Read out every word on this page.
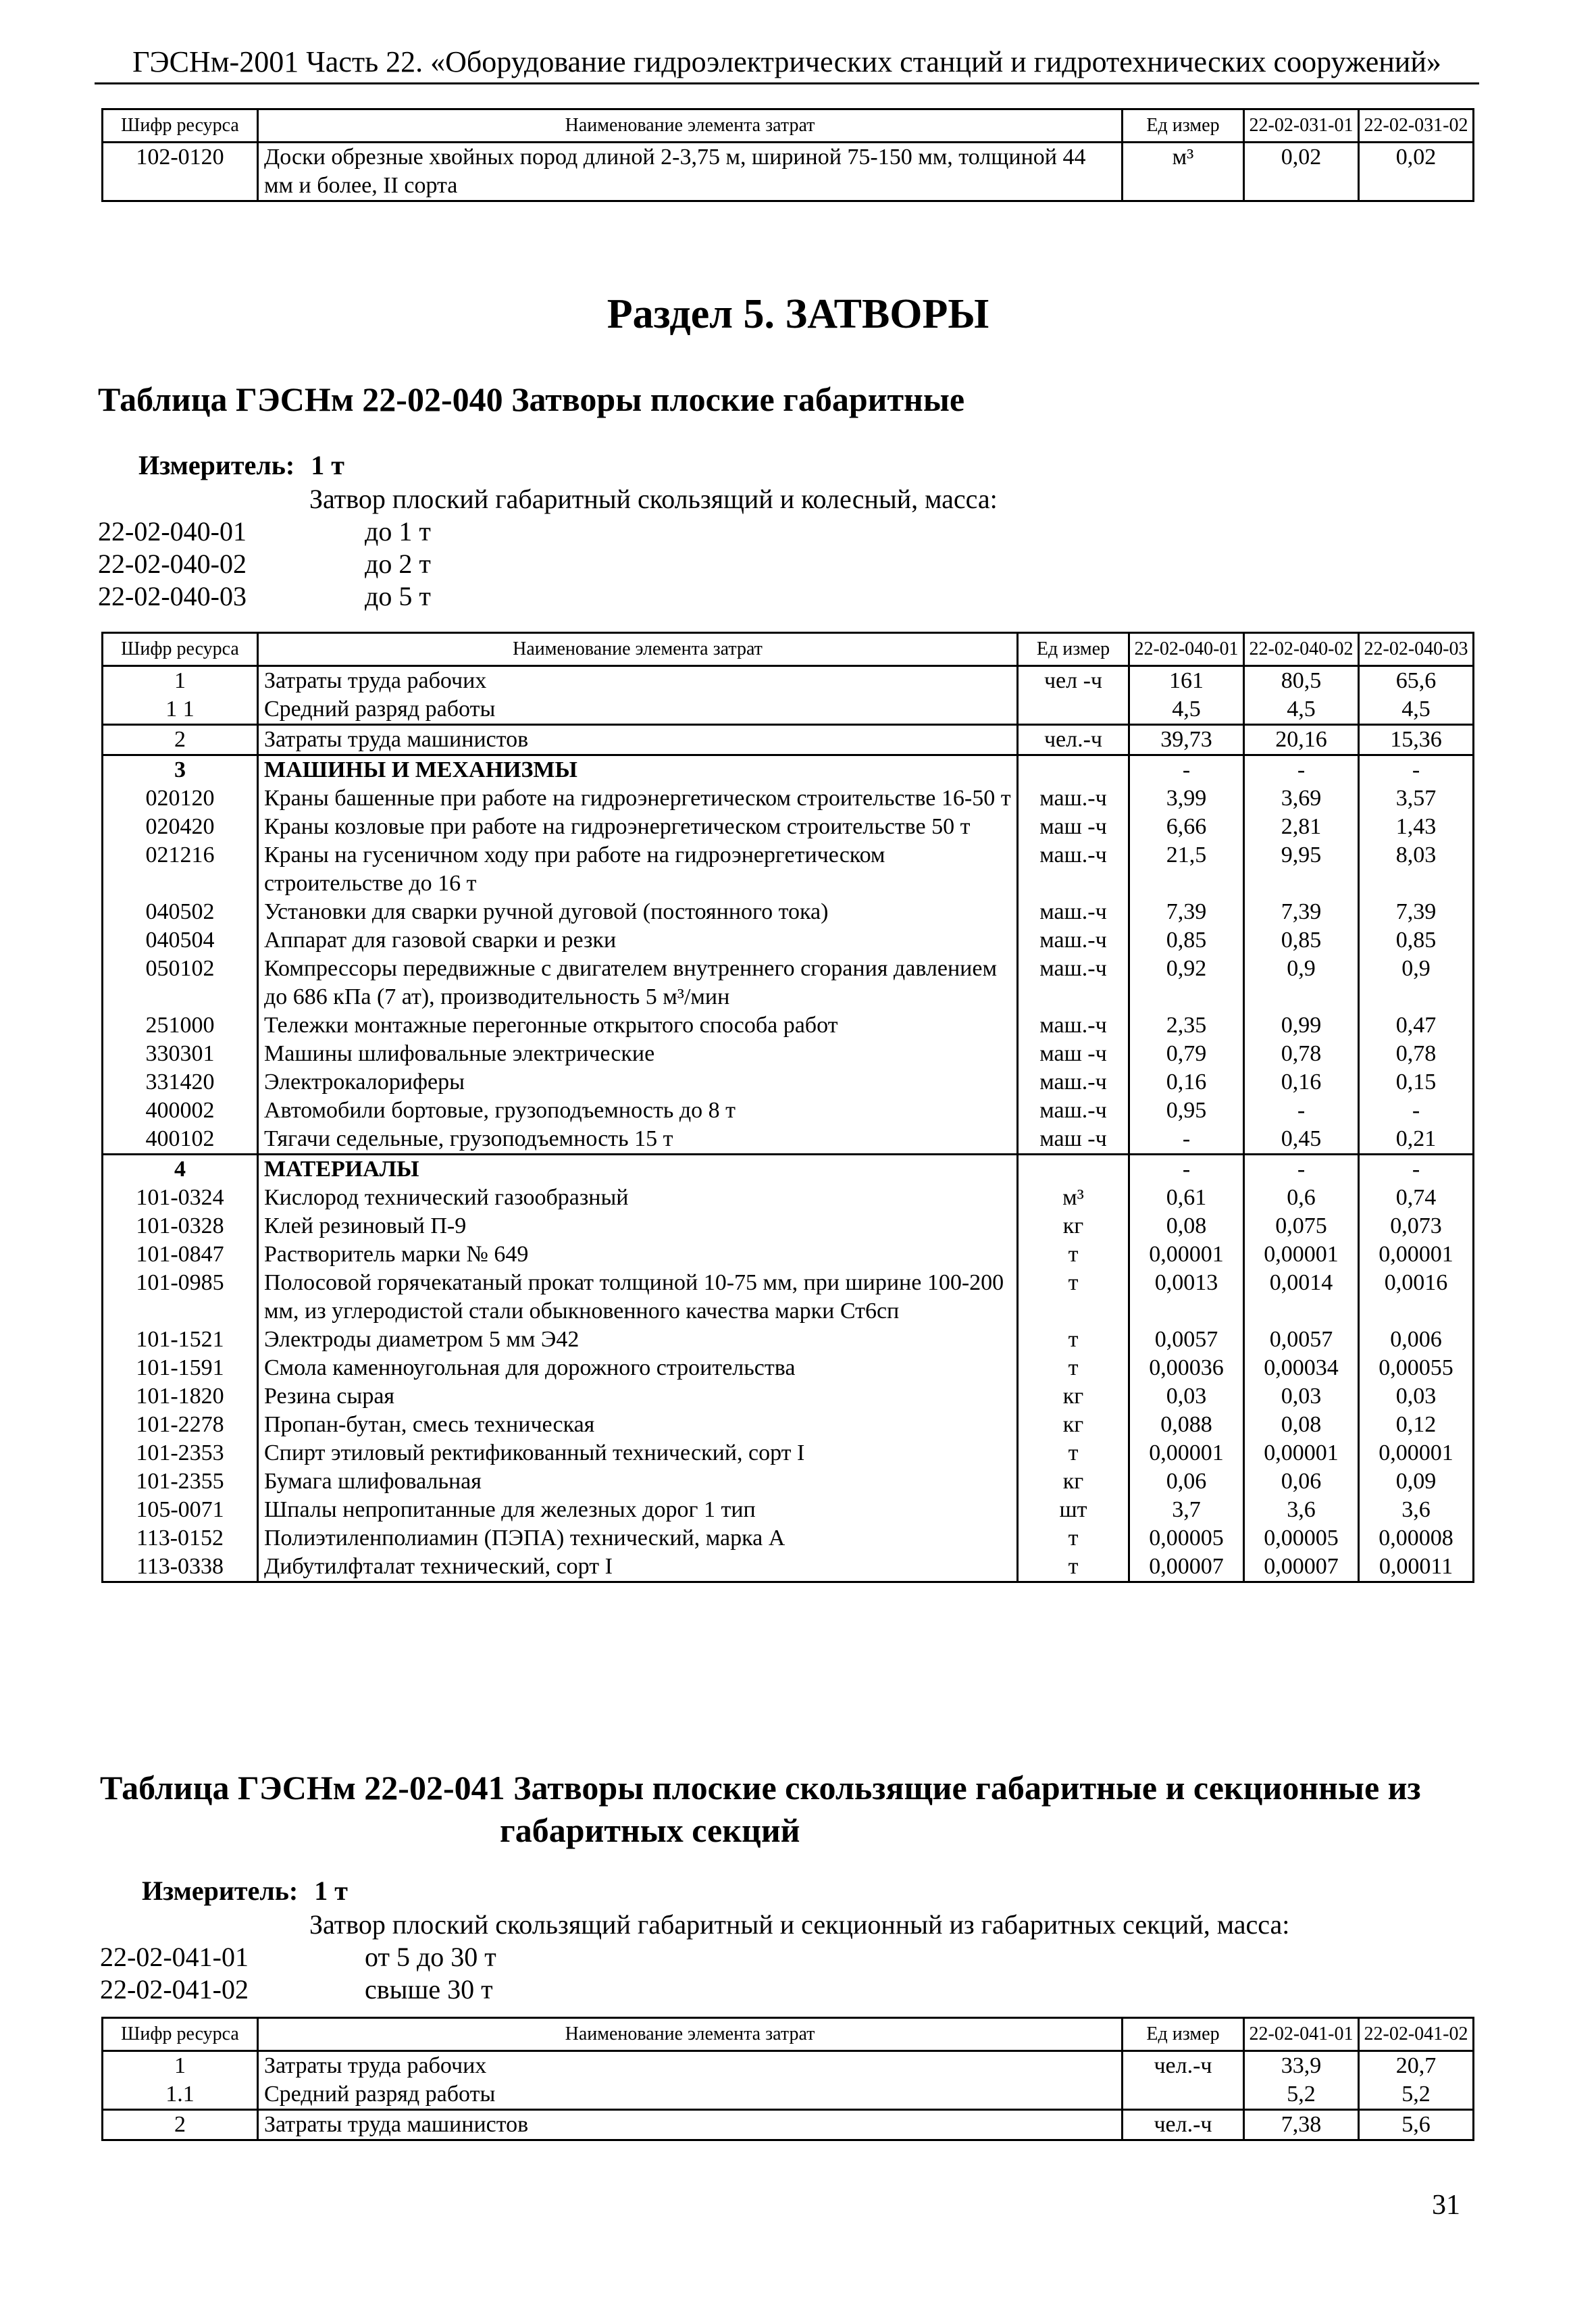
ГЭСНм-2001 Часть 22. «Оборудование гидроэлектрических станций и гидротехнических сооружений»
Шифр ресурса	Наименование элемента затрат	Ед измер	22-02-031-01	22-02-031-02
102-0120	Доски обрезные хвойных пород длиной 2-3,75 м, шириной 75-150 мм, толщиной 44 мм и более, II сорта	м³	0,02	0,02
Раздел 5. ЗАТВОРЫ
Таблица ГЭСНм 22-02-040 Затворы плоские габаритные
Измеритель: 1 т
Затвор плоский габаритный скользящий и колесный, масса:
22-02-040-01	до 1 т
22-02-040-02	до 2 т
22-02-040-03	до 5 т
Шифр ресурса	Наименование элемента затрат	Ед измер	22-02-040-01	22-02-040-02	22-02-040-03
1	Затраты труда рабочих	чел -ч	161	80,5	65,6
1 1	Средний разряд работы		4,5	4,5	4,5
2	Затраты труда машинистов	чел.-ч	39,73	20,16	15,36
3	МАШИНЫ И МЕХАНИЗМЫ		-	-	-
020120	Краны башенные при работе на гидроэнергетическом строительстве 16-50 т	маш.-ч	3,99	3,69	3,57
020420	Краны козловые при работе на гидроэнергетическом строительстве 50 т	маш -ч	6,66	2,81	1,43
021216	Краны на гусеничном ходу при работе на гидроэнергетическом строительстве до 16 т	маш.-ч	21,5	9,95	8,03
040502	Установки для сварки ручной дуговой (постоянного тока)	маш.-ч	7,39	7,39	7,39
040504	Аппарат для газовой сварки и резки	маш.-ч	0,85	0,85	0,85
050102	Компрессоры передвижные с двигателем внутреннего сгорания давлением до 686 кПа (7 ат), производительность 5 м³/мин	маш.-ч	0,92	0,9	0,9
251000	Тележки монтажные перегонные открытого способа работ	маш.-ч	2,35	0,99	0,47
330301	Машины шлифовальные электрические	маш -ч	0,79	0,78	0,78
331420	Электрокалориферы	маш.-ч	0,16	0,16	0,15
400002	Автомобили бортовые, грузоподъемность до 8 т	маш.-ч	0,95	-	-
400102	Тягачи седельные, грузоподъемность 15 т	маш -ч	-	0,45	0,21
4	МАТЕРИАЛЫ		-	-	-
101-0324	Кислород технический газообразный	м³	0,61	0,6	0,74
101-0328	Клей резиновый П-9	кг	0,08	0,075	0,073
101-0847	Растворитель марки № 649	т	0,00001	0,00001	0,00001
101-0985	Полосовой горячекатаный прокат толщиной 10-75 мм, при ширине 100-200 мм, из углеродистой стали обыкновенного качества марки Ст6сп	т	0,0013	0,0014	0,0016
101-1521	Электроды диаметром 5 мм Э42	т	0,0057	0,0057	0,006
101-1591	Смола каменноугольная для дорожного строительства	т	0,00036	0,00034	0,00055
101-1820	Резина сырая	кг	0,03	0,03	0,03
101-2278	Пропан-бутан, смесь техническая	кг	0,088	0,08	0,12
101-2353	Спирт этиловый ректификованный технический, сорт I	т	0,00001	0,00001	0,00001
101-2355	Бумага шлифовальная	кг	0,06	0,06	0,09
105-0071	Шпалы непропитанные для железных дорог 1 тип	шт	3,7	3,6	3,6
113-0152	Полиэтиленполиамин (ПЭПА) технический, марка А	т	0,00005	0,00005	0,00008
113-0338	Дибутилфталат технический, сорт I	т	0,00007	0,00007	0,00011
Таблица ГЭСНм 22-02-041 Затворы плоские скользящие габаритные и секционные из
габаритных секций
Измеритель: 1 т
Затвор плоский скользящий габаритный и секционный из габаритных секций, масса:
22-02-041-01	от 5 до 30 т
22-02-041-02	свыше 30 т
Шифр ресурса	Наименование элемента затрат	Ед измер	22-02-041-01	22-02-041-02
1	Затраты труда рабочих	чел.-ч	33,9	20,7
1.1	Средний разряд работы		5,2	5,2
2	Затраты труда машинистов	чел.-ч	7,38	5,6
31
